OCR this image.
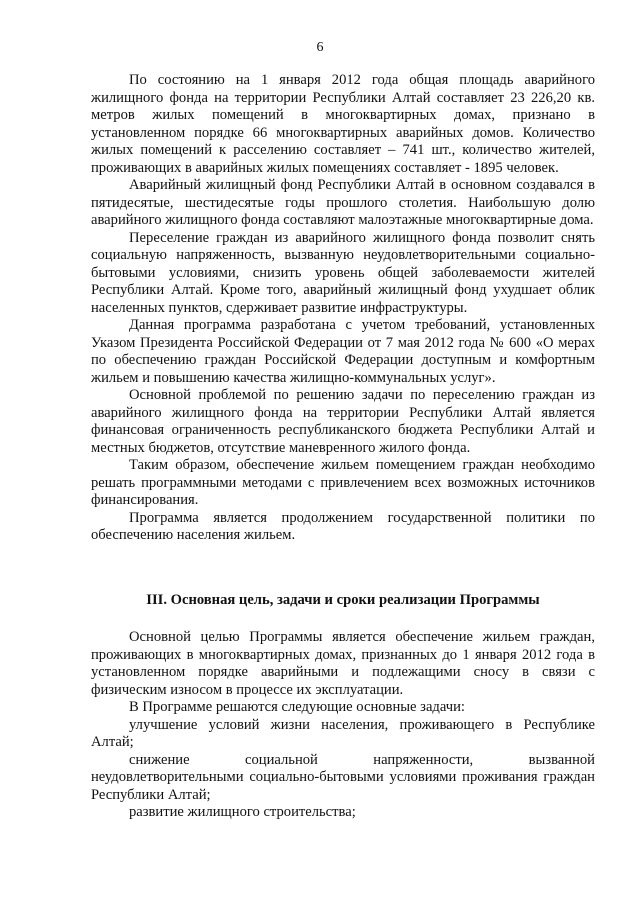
6

По состоянию на 1 января 2012 года общая площадь аварийного жилищного фонда на территории Республики Алтай составляет 23 226,20 кв. метров жилых помещений в многоквартирных домах, признано в установленном порядке 66 многоквартирных аварийных домов. Количество жилых помещений к расселению составляет – 741 шт., количество жителей, проживающих в аварийных жилых помещениях составляет - 1895 человек.

Аварийный жилищный фонд Республики Алтай в основном создавался в пятидесятые, шестидесятые годы прошлого столетия. Наибольшую долю аварийного жилищного фонда составляют малоэтажные многоквартирные дома.

Переселение граждан из аварийного жилищного фонда позволит снять социальную напряженность, вызванную неудовлетворительными социально-бытовыми условиями, снизить уровень общей заболеваемости жителей Республики Алтай. Кроме того, аварийный жилищный фонд ухудшает облик населенных пунктов, сдерживает развитие инфраструктуры.

Данная программа разработана с учетом требований, установленных Указом Президента Российской Федерации от 7 мая 2012 года № 600 «О мерах по обеспечению граждан Российской Федерации доступным и комфортным жильем и повышению качества жилищно-коммунальных услуг».

Основной проблемой по решению задачи по переселению граждан из аварийного жилищного фонда на территории Республики Алтай является финансовая ограниченность республиканского бюджета Республики Алтай и местных бюджетов, отсутствие маневренного жилого фонда.

Таким образом, обеспечение жильем помещением граждан необходимо решать программными методами с привлечением всех возможных источников финансирования.

Программа является продолжением государственной политики по обеспечению населения жильем.

III. Основная цель, задачи и сроки реализации Программы

Основной целью Программы является обеспечение жильем граждан, проживающих в многоквартирных домах, признанных до 1 января 2012 года в установленном порядке аварийными и подлежащими сносу в связи с физическим износом в процессе их эксплуатации.

В Программе решаются следующие основные задачи:

улучшение условий жизни населения, проживающего в Республике Алтай;

снижение социальной напряженности, вызванной неудовлетворительными социально-бытовыми условиями проживания граждан Республики Алтай;

развитие жилищного строительства;
